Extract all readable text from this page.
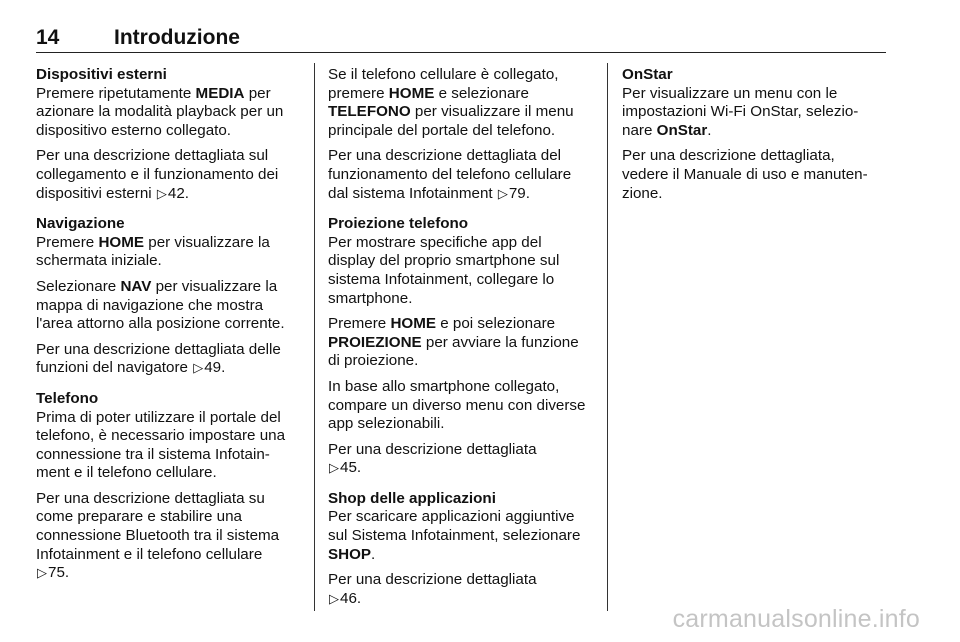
14	Introduzione
Dispositivi esterni

Premere ripetutamente MEDIA per azionare la modalità playback per un dispositivo esterno collegato.

Per una descrizione dettagliata sul collegamento e il funzionamento dei dispositivi esterni ▷42.

Navigazione

Premere HOME per visualizzare la schermata iniziale.

Selezionare NAV per visualizzare la mappa di navigazione che mostra l'area attorno alla posizione corrente.

Per una descrizione dettagliata delle funzioni del navigatore ▷49.

Telefono

Prima di poter utilizzare il portale del telefono, è necessario impostare una connessione tra il sistema Infotain- ment e il telefono cellulare.

Per una descrizione dettagliata su come preparare e stabilire una connessione Bluetooth tra il sistema Infotainment e il telefono cellulare
▷75.

Se il telefono cellulare è collegato, premere HOME e selezionare TELEFONO per visualizzare il menu principale del portale del telefono.

Per una descrizione dettagliata del funzionamento del telefono cellulare dal sistema Infotainment ▷79.

Proiezione telefono

Per mostrare specifiche app del display del proprio smartphone sul sistema Infotainment, collegare lo smartphone.

Premere HOME e poi selezionare PROIEZIONE per avviare la funzione di proiezione.

In base allo smartphone collegato, compare un diverso menu con diverse app selezionabili.

Per una descrizione dettagliata
▷45.

Shop delle applicazioni

Per scaricare applicazioni aggiuntive sul Sistema Infotainment, selezionare SHOP.

Per una descrizione dettagliata
▷46.

OnStar

Per visualizzare un menu con le impostazioni Wi-Fi OnStar, selezio- nare OnStar.

Per una descrizione dettagliata, vedere il Manuale di uso e manuten- zione.

carmanualsonline.info
